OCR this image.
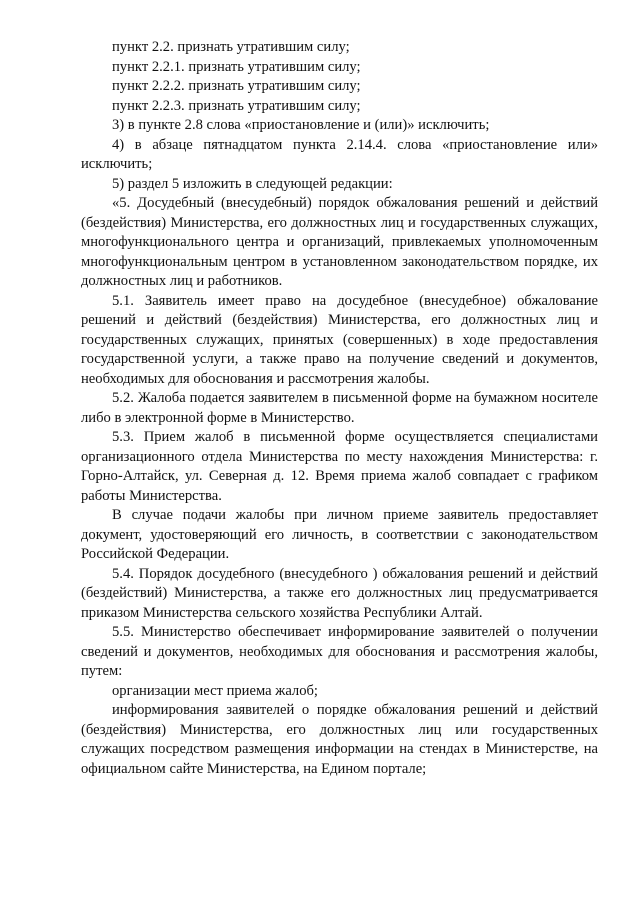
пункт 2.2. признать утратившим силу;

пункт 2.2.1. признать утратившим силу;

пункт 2.2.2. признать утратившим силу;

пункт 2.2.3. признать утратившим силу;

3) в пункте 2.8 слова «приостановление и (или)» исключить;

4) в абзаце пятнадцатом пункта 2.14.4. слова «приостановление или» исключить;

5) раздел 5 изложить в следующей редакции:

«5. Досудебный (внесудебный) порядок обжалования решений и действий (бездействия) Министерства, его должностных лиц и государственных служащих, многофункционального центра и организаций, привлекаемых уполномоченным многофункциональным центром в установленном законодательством порядке, их должностных лиц и работников.

5.1. Заявитель имеет право на досудебное (внесудебное) обжалование решений и действий (бездействия) Министерства, его должностных лиц и государственных служащих, принятых (совершенных) в ходе предоставления государственной услуги, а также право на получение сведений и документов, необходимых для обоснования и рассмотрения жалобы.

5.2. Жалоба подается заявителем в письменной форме на бумажном носителе либо в электронной форме в Министерство.

5.3. Прием жалоб в письменной форме осуществляется специалистами организационного отдела Министерства по месту нахождения Министерства: г. Горно-Алтайск, ул. Северная д. 12. Время приема жалоб совпадает с графиком работы Министерства.

В случае подачи жалобы при личном приеме заявитель предоставляет документ, удостоверяющий его личность, в соответствии с законодательством Российской Федерации.

5.4. Порядок досудебного (внесудебного ) обжалования решений и действий (бездействий) Министерства, а также его должностных лиц предусматривается приказом Министерства сельского хозяйства Республики Алтай.

5.5. Министерство обеспечивает информирование заявителей о получении сведений и документов, необходимых для обоснования и рассмотрения жалобы, путем:

организации мест приема жалоб;

информирования заявителей о порядке обжалования решений и действий (бездействия) Министерства, его должностных лиц или государственных служащих посредством размещения информации на стендах в Министерстве, на официальном сайте Министерства, на Едином портале;
